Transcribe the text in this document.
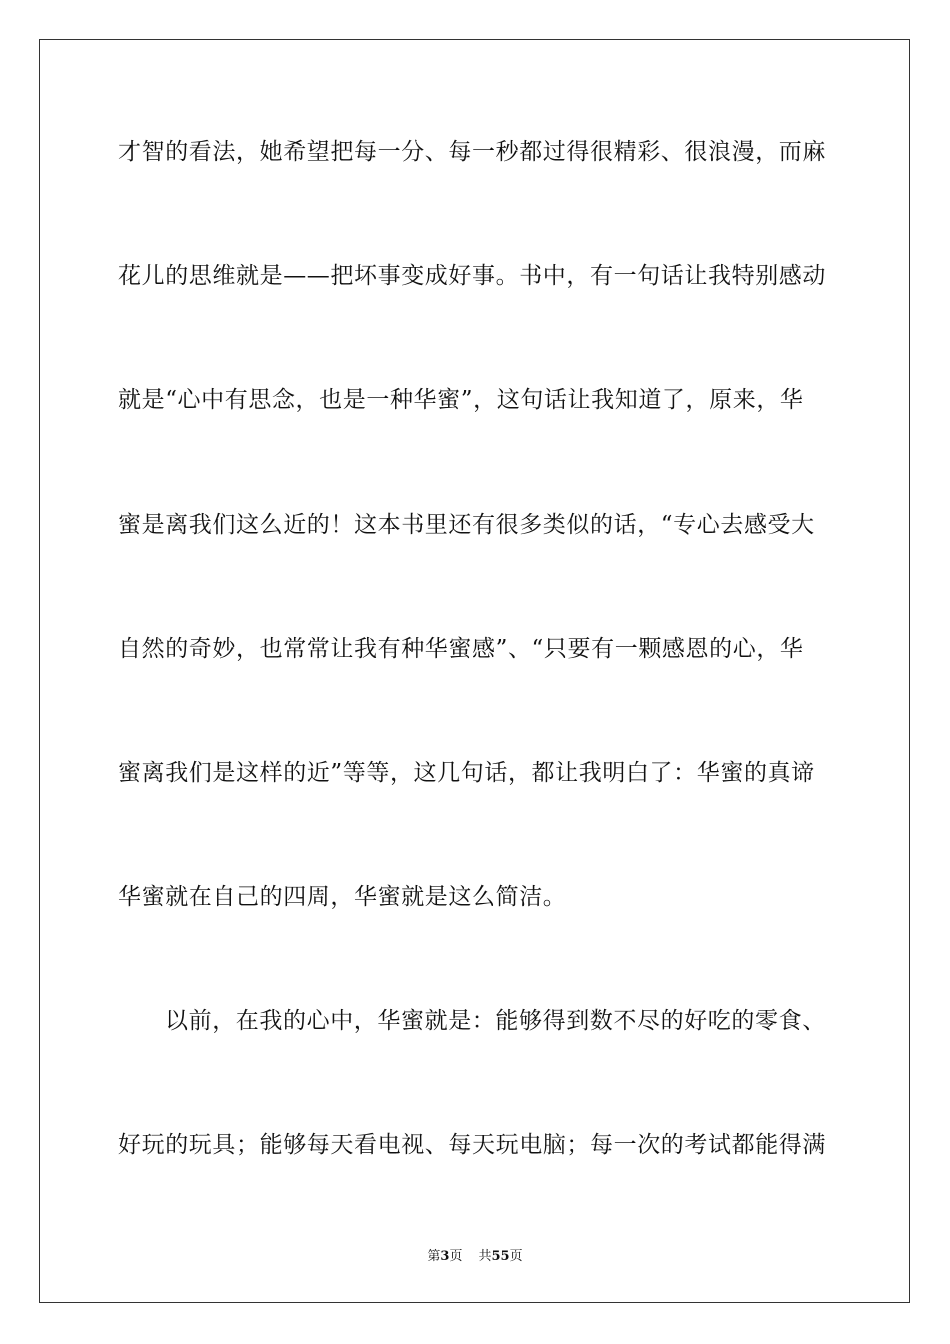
才智的看法，她希望把每一分、每一秒都过得很精彩、很浪漫，而麻
花儿的思维就是——把坏事变成好事。书中，有一句话让我特别感动
就是“心中有思念，也是一种华蜜”，这句话让我知道了，原来，华
蜜是离我们这么近的！这本书里还有很多类似的话，“专心去感受大
自然的奇妙，也常常让我有种华蜜感”、“只要有一颗感恩的心，华
蜜离我们是这样的近”等等，这几句话，都让我明白了：华蜜的真谛
华蜜就在自己的四周，华蜜就是这么简洁。
以前，在我的心中，华蜜就是：能够得到数不尽的好吃的零食、
好玩的玩具；能够每天看电视、每天玩电脑；每一次的考试都能得满
第3页 共55页
